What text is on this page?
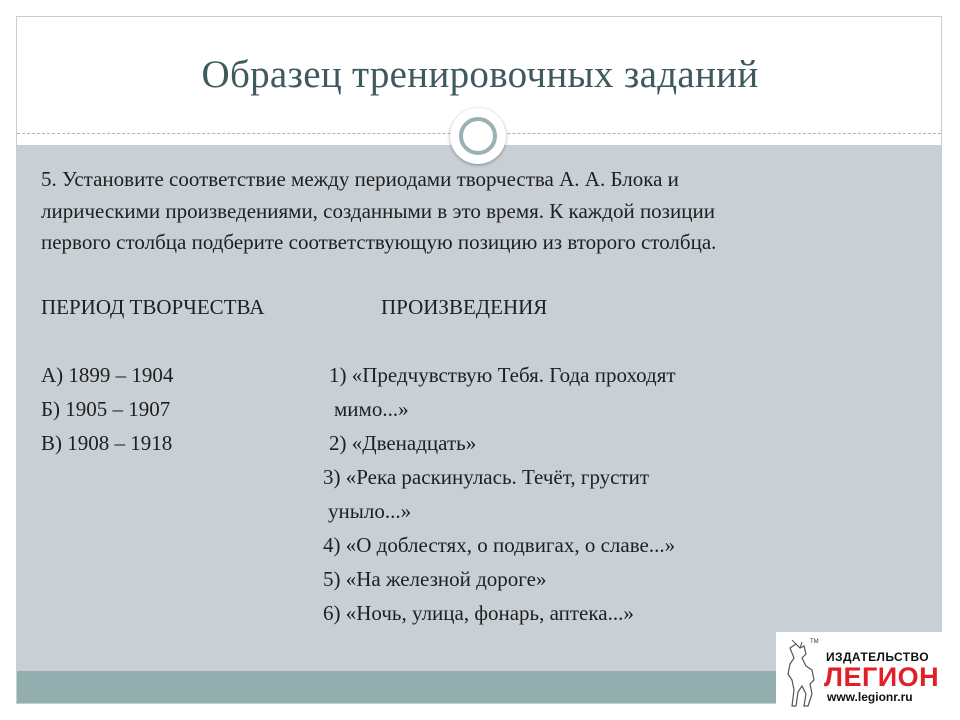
Образец тренировочных заданий
5. Установите соответствие между периодами творчества А. А. Блока и
лирическими произведениями, созданными в это время. К каждой позиции
первого столбца подберите соответствующую позицию из второго столбца.
ПЕРИОД ТВОРЧЕСТВА	ПРОИЗВЕДЕНИЯ
А) 1899 – 1904
Б) 1905 – 1907
В) 1908 – 1918
1) «Предчувствую Тебя. Года проходят
мимо...»
2) «Двенадцать»
3) «Река раскинулась. Течёт, грустит
уныло...»
4) «О доблестях, о подвигах, о славе...»
5) «На железной дороге»
6) «Ночь, улица, фонарь, аптека...»
TM
ИЗДАТЕЛЬСТВО
ЛЕГИОН
www.legionr.ru
